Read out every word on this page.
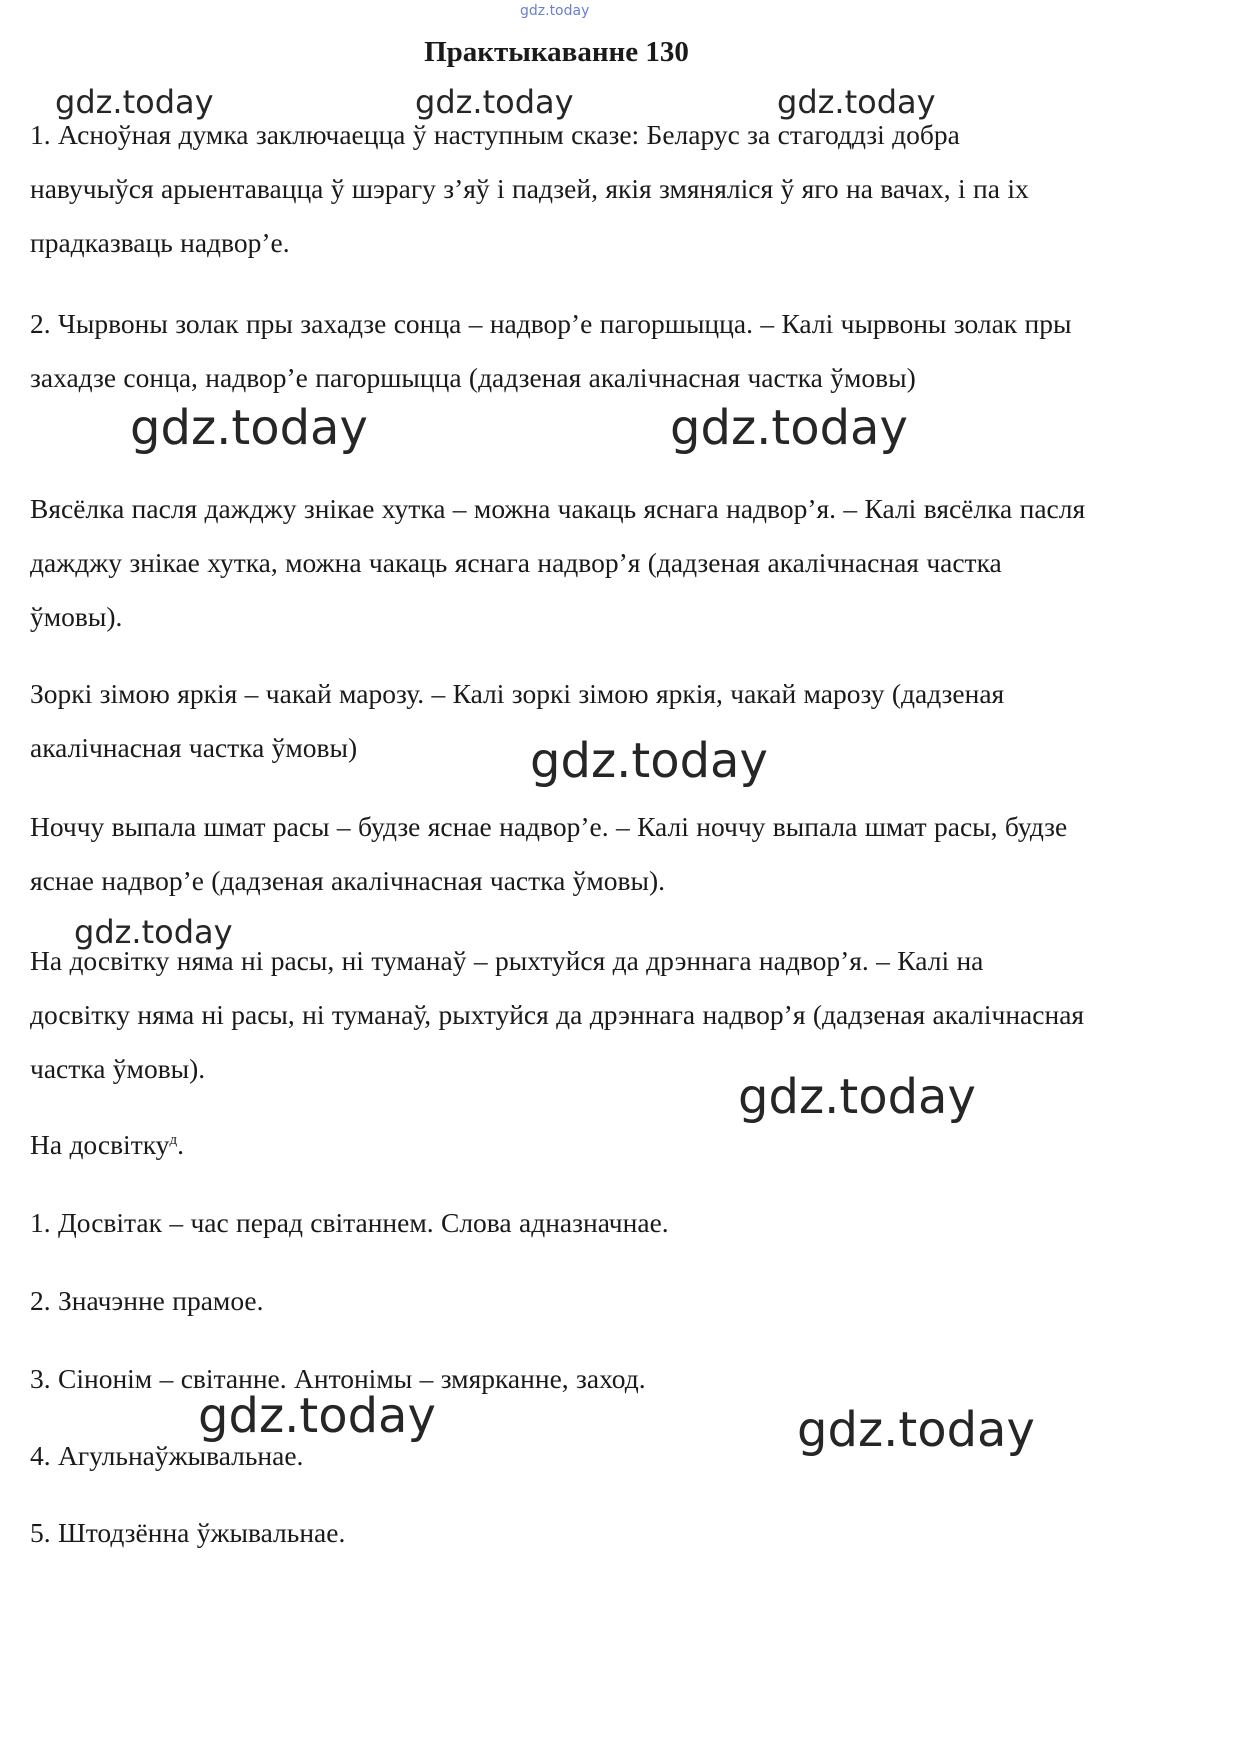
gdz.today
Практыкаванне 130
gdz.today	gdz.today	gdz.today

1. Асноўная думка заключаецца ў наступным сказе: Беларус за стагоддзі добра навучыўся арыентавацца ў шэрагу з’яў і падзей, якія змяняліся ў яго на вачах, і па іх прадказваць надвор’е.

2. Чырвоны золак пры захадзе сонца – надвор’е пагоршыцца. – Калі чырвоны золак пры захадзе сонца, надвор’е пагоршыцца (дадзеная акалічнасная частка ўмовы)

gdz.today	gdz.today

Вясёлка пасля дажджу знікае хутка – можна чакаць яснага надвор’я. – Калі вясёлка пасля дажджу знікае хутка, можна чакаць яснага надвор’я (дадзеная акалічнасная частка ўмовы).

Зоркі зімою яркія – чакай марозу. – Калі зоркі зімою яркія, чакай марозу (дадзеная акалічнасная частка ўмовы)	gdz.today

Ноччу выпала шмат расы – будзе яснае надвор’е. – Калі ноччу выпала шмат расы, будзе яснае надвор’е (дадзеная акалічнасная частка ўмовы).

gdz.today

На досвітку няма ні расы, ні туманаў – рыхтуйся да дрэннага надвор’я. – Калі на досвітку няма ні расы, ні туманаў, рыхтуйся да дрэннага надвор’я (дадзеная акалічнасная частка ўмовы).

gdz.today

На досвітку$^д$.

1. Досвітак – час перад світаннем. Слова адназначнае.

2. Значэнне прамое.

3. Сінонім – світанне. Антонімы – змярканне, заход.

gdz.today	gdz.today

4. Агульнаўжывальнае.

5. Штодзённа ўжывальнае.
